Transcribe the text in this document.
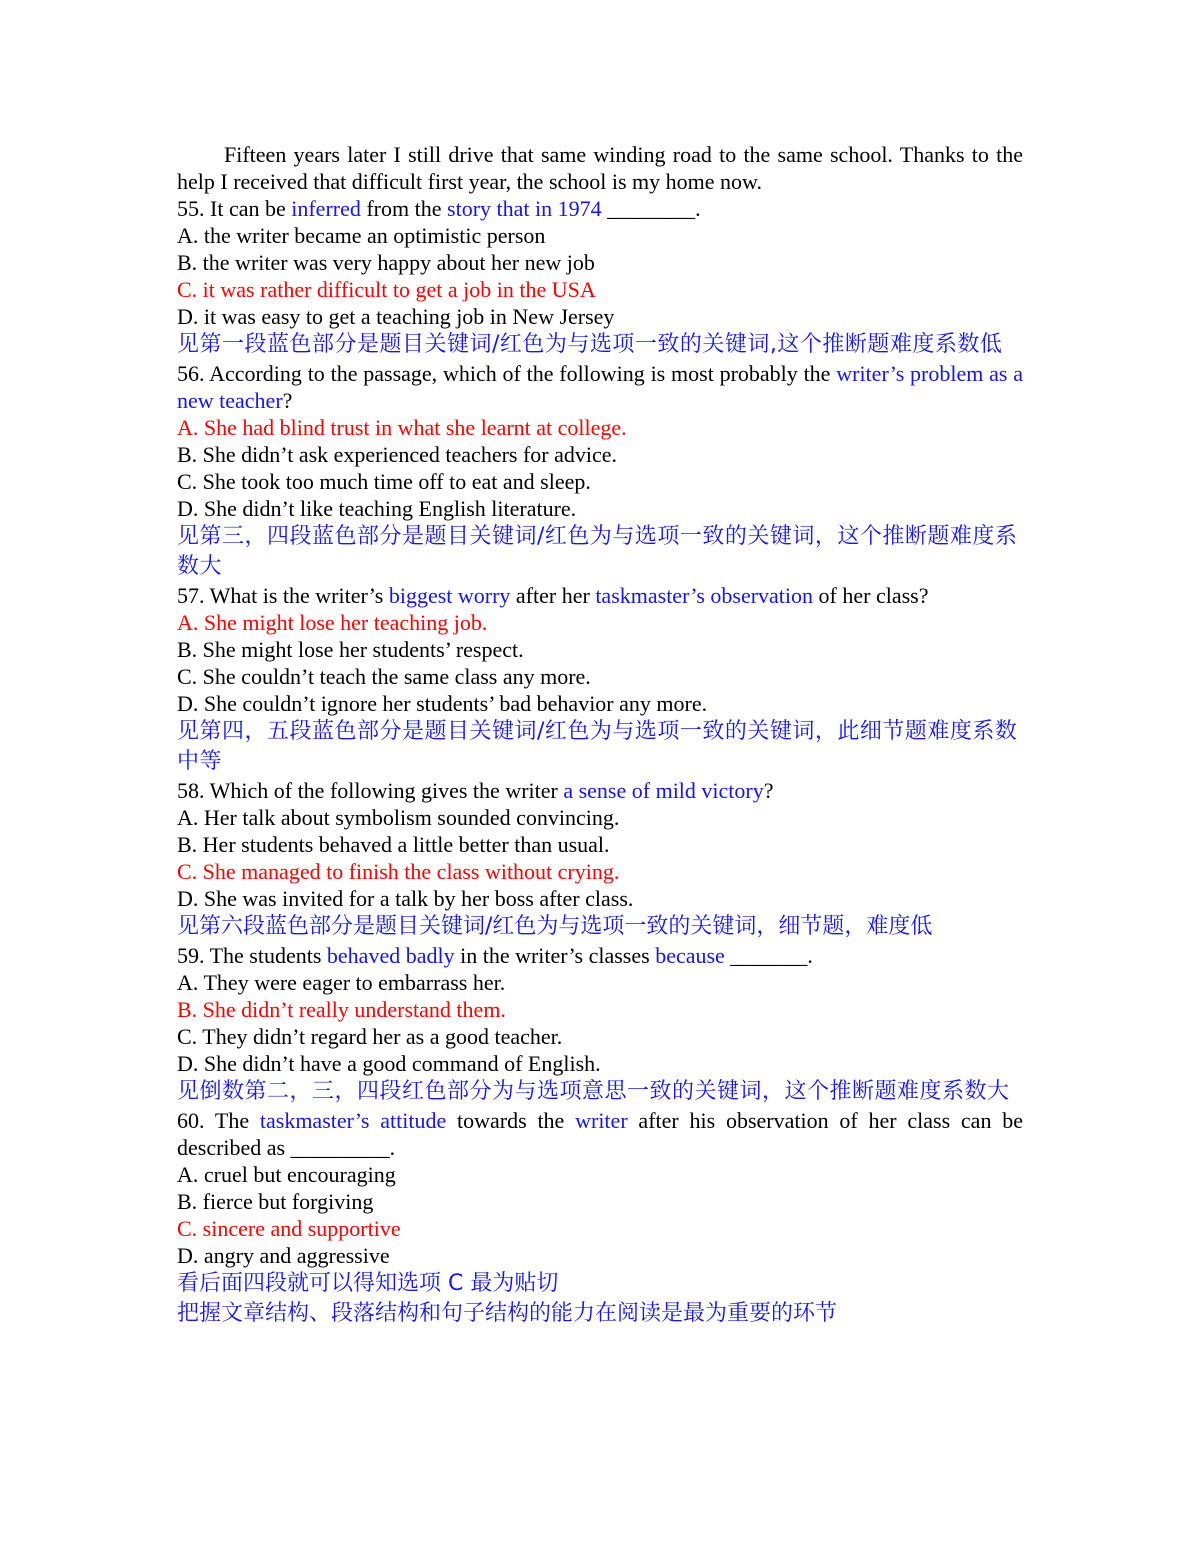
Fifteen years later I still drive that same winding road to the same school. Thanks to the help I received that difficult first year, the school is my home now.

55. It can be inferred from the story that in 1974 ________.

A. the writer became an optimistic person

B. the writer was very happy about her new job

C. it was rather difficult to get a job in the USA

D. it was easy to get a teaching job in New Jersey

见第一段蓝色部分是题目关键词/红色为与选项一致的关键词,这个推断题难度系数低

56. According to the passage, which of the following is most probably the writer’s problem as a new teacher?

A. She had blind trust in what she learnt at college.

B. She didn’t ask experienced teachers for advice.

C. She took too much time off to eat and sleep.

D. She didn’t like teaching English literature.

见第三，四段蓝色部分是题目关键词/红色为与选项一致的关键词，这个推断题难度系数大

57. What is the writer’s biggest worry after her taskmaster’s observation of her class?

A. She might lose her teaching job.

B. She might lose her students’ respect.

C. She couldn’t teach the same class any more.

D. She couldn’t ignore her students’ bad behavior any more.

见第四，五段蓝色部分是题目关键词/红色为与选项一致的关键词，此细节题难度系数中等

58. Which of the following gives the writer a sense of mild victory?

A. Her talk about symbolism sounded convincing.

B. Her students behaved a little better than usual.

C. She managed to finish the class without crying.

D. She was invited for a talk by her boss after class.

见第六段蓝色部分是题目关键词/红色为与选项一致的关键词，细节题，难度低

59. The students behaved badly in the writer’s classes because _______.

A. They were eager to embarrass her.

B. She didn’t really understand them.

C. They didn’t regard her as a good teacher.

D. She didn’t have a good command of English.

见倒数第二，三，四段红色部分为与选项意思一致的关键词，这个推断题难度系数大

60. The taskmaster’s attitude towards the writer after his observation of her class can be described as _________.

A. cruel but encouraging

B. fierce but forgiving

C. sincere and supportive

D. angry and aggressive

看后面四段就可以得知选项 C 最为贴切

把握文章结构、段落结构和句子结构的能力在阅读是最为重要的环节
